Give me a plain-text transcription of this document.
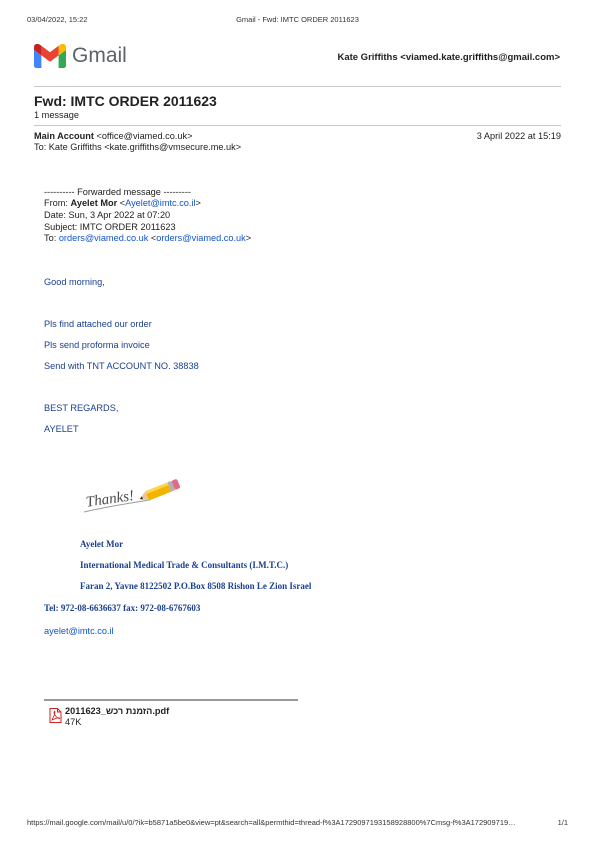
03/04/2022, 15:22	Gmail - Fwd: IMTC ORDER 2011623
Gmail	Kate Griffiths <viamed.kate.griffiths@gmail.com>
Fwd: IMTC ORDER 2011623
1 message
Main Account <office@viamed.co.uk>	3 April 2022 at 15:19
To: Kate Griffiths <kate.griffiths@vmsecure.me.uk>
---------- Forwarded message ---------
From: Ayelet Mor <Ayelet@imtc.co.il>
Date: Sun, 3 Apr 2022 at 07:20
Subject: IMTC ORDER 2011623
To: orders@viamed.co.uk <orders@viamed.co.uk>
Good morning,
Pls find attached our order
Pls send proforma invoice
Send with TNT ACCOUNT NO. 38838
BEST REGARDS,
AYELET
Thanks!
Ayelet Mor
International Medical Trade & Consultants (I.M.T.C.)
Faran 2, Yavne 8122502 P.O.Box 8508 Rishon Le Zion Israel
Tel: 972-08-6636637 fax: 972-08-6767603
ayelet@imtc.co.il
הזמנת רכש_2011623.pdf
47K
https://mail.google.com/mail/u/0/?ik=b5871a5be0&view=pt&search=all&permthid=thread-f%3A1729097193158928800%7Cmsg-f%3A172909719…	1/1
